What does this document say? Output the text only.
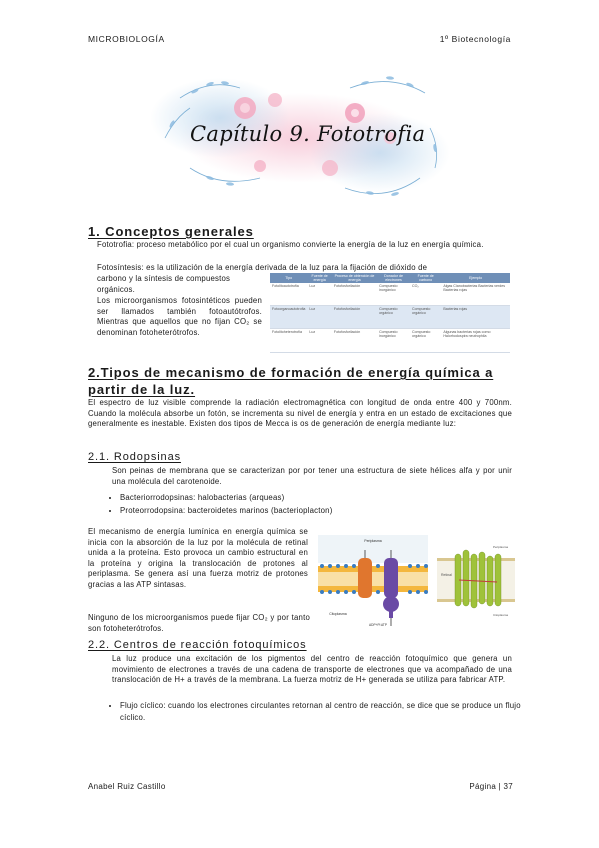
MICROBIOLOGÍA	1º Biotecnología
Capítulo 9. Fototrofia
1. Conceptos generales

Fototrofia: proceso metabólico por el cual un organismo convierte la energía de la luz en energía química.

Fotosíntesis: es la utilización de la energía derivada de la luz para la fijación de dióxido de

carbono y la síntesis de compuestos orgánicos.

Los microorganismos fotosintéticos pueden ser llamados también fotoautótrofos. Mientras que aquellos que no fijan CO₂ se denominan fotoheterótrofos.

Tipo	Fuente de energía	Proceso de obtención de energía	Donador de electrones	Fuente de carbono	Ejemplo
Fotolitoautotrofia	Luz	Fotofosforilación	Compuesto inorgánico	CO₂	Algas Cianobacterias Bacterias verdes Bacterias rojas
Fotoorganoautotrofia	Luz	Fotofosforilación	Compuesto orgánico	Compuesto orgánico	Bacterias rojas
Fotolitoheterotrofia	Luz	Fotofosforilación	Compuesto inorgánico	Compuesto orgánico	Algunas bacterias rojas como Halorhodospira neutrophila
2.Tipos de mecanismo de formación de energía química a partir de la luz.

El espectro de luz visible comprende la radiación electromagnética con longitud de onda entre 400 y 700nm. Cuando la molécula absorbe un fotón, se incrementa su nivel de energía y entra en un estado de excitaciones que generalmente es inestable. Existen dos tipos de Mecca is os de generación de energía mediante luz:

2.1. Rodopsinas

Son peinas de membrana que se caracterizan por por tener una estructura de siete hélices alfa y por unir una molécula del carotenoide.

• Bacteriorrodopsinas: halobacterias (arqueas)
• Proteorrodopsina: bacteroidetes marinos (bacterioplacton)

El mecanismo de energía lumínica en energía química se inicia con la absorción de la luz por la molécula de retinal unida a la proteína. Esto provoca un cambio estructural en la proteína y origina la translocación de protones al periplasma. Se genera así una fuerza motriz de protones gracias a las ATP sintasas.

Ninguno de los microorganismos puede fijar CO₂ y por tanto son fotoheterótrofos.

Periplasma
ADP+Pi ATP
Citoplasma
Retinal
Periplasma
Citoplasma
2.2. Centros de reacción fotoquímicos

La luz produce una excitación de los pigmentos del centro de reacción fotoquímico que genera un movimiento de electrones a través de una cadena de transporte de electrones que va acompañado de una translocación de H+ a través de la membrana. La fuerza motriz de H+ generada se utiliza para fabricar ATP.

• Flujo cíclico: cuando los electrones circulantes retornan al centro de reacción, se dice que se produce un flujo cíclico.
Anabel Ruiz Castillo	Página | 37
